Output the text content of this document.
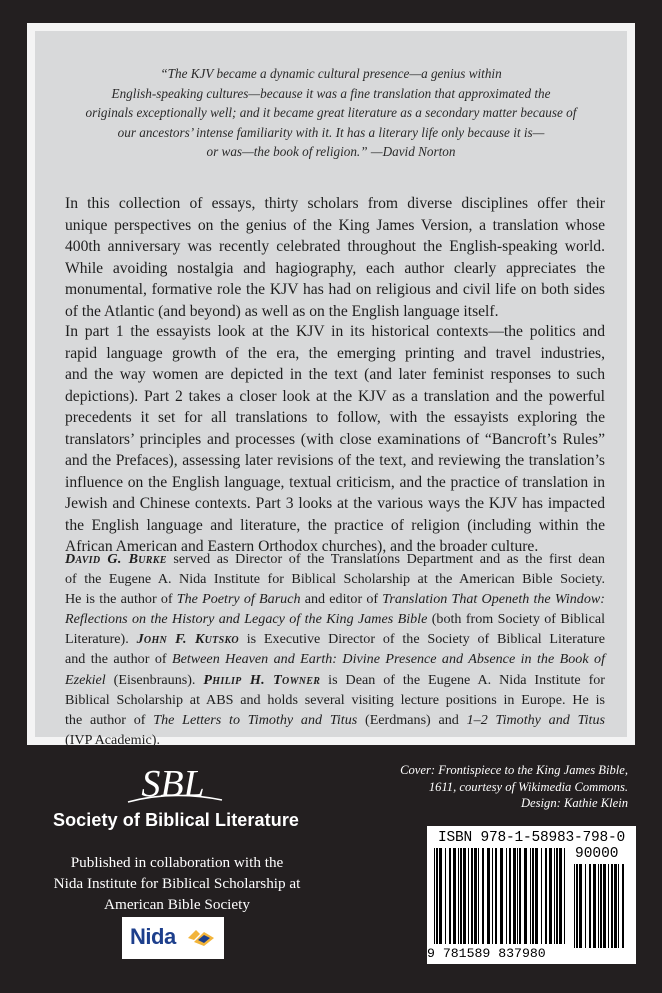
“The KJV became a dynamic cultural presence—a genius within
English-speaking cultures—because it was a fine translation that approximated the
originals exceptionally well; and it became great literature as a secondary matter because of
our ancestors’ intense familiarity with it. It has a literary life only because it is—
or was—the book of religion.” —David Norton
In this collection of essays, thirty scholars from diverse disciplines offer their
unique perspectives on the genius of the King James Version, a translation whose
400th anniversary was recently celebrated throughout the English-speaking world.
While avoiding nostalgia and hagiography, each author clearly appreciates the
monumental, formative role the KJV has had on religious and civil life on both sides
of the Atlantic (and beyond) as well as on the English language itself.
In part 1 the essayists look at the KJV in its historical contexts—the politics and
rapid language growth of the era, the emerging printing and travel industries,
and the way women are depicted in the text (and later feminist responses to such
depictions). Part 2 takes a closer look at the KJV as a translation and the powerful
precedents it set for all translations to follow, with the essayists exploring the
translators’ principles and processes (with close examinations of “Bancroft’s Rules”
and the Prefaces), assessing later revisions of the text, and reviewing the translation’s
influence on the English language, textual criticism, and the practice of translation in
Jewish and Chinese contexts. Part 3 looks at the various ways the KJV has impacted
the English language and literature, the practice of religion (including within the
African American and Eastern Orthodox churches), and the broader culture.
David G. Burke served as Director of the Translations Department and as the first dean
of the Eugene A. Nida Institute for Biblical Scholarship at the American Bible Society.
He is the author of The Poetry of Baruch and editor of Translation That Openeth the Window:
Reflections on the History and Legacy of the King James Bible (both from Society of Biblical
Literature). John F. Kutsko is Executive Director of the Society of Biblical Literature
and the author of Between Heaven and Earth: Divine Presence and Absence in the Book of
Ezekiel (Eisenbrauns). Philip H. Towner is Dean of the Eugene A. Nida Institute for
Biblical Scholarship at ABS and holds several visiting lecture positions in Europe. He is
the author of The Letters to Timothy and Titus (Eerdmans) and 1–2 Timothy and Titus
(IVP Academic).
SBL
Society of Biblical Literature
Published in collaboration with the
Nida Institute for Biblical Scholarship at
American Bible Society
Nida
Cover: Frontispiece to the King James Bible,
1611, courtesy of Wikimedia Commons.
Design: Kathie Klein
ISBN 978-1-58983-798-0
90000
9 781589 837980
